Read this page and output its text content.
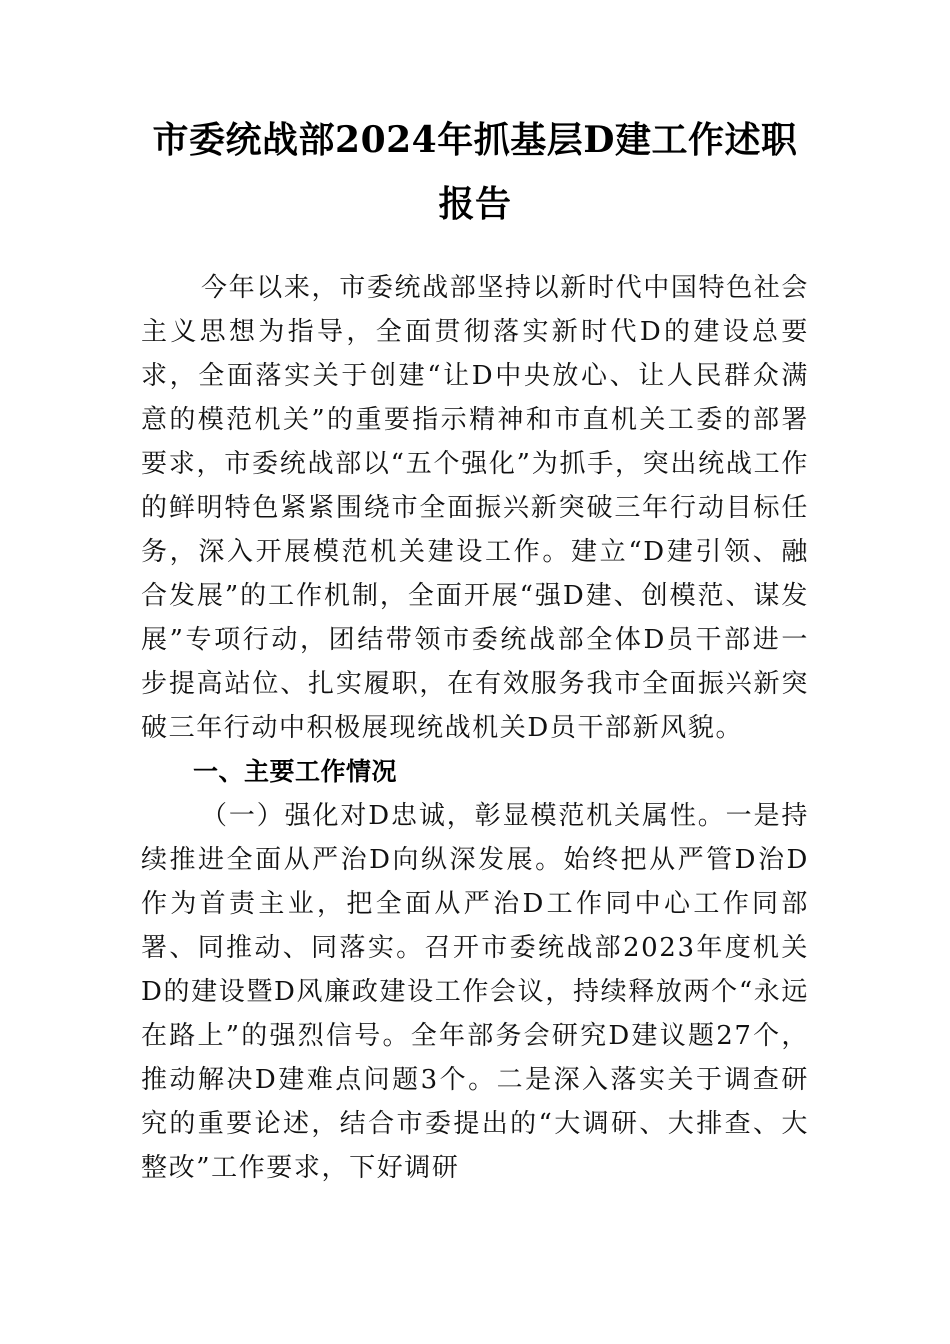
市委统战部2024年抓基层D建工作述职报告

今年以来，市委统战部坚持以新时代中国特色社会主义思想为指导，全面贯彻落实新时代D的建设总要求，全面落实关于创建“让D中央放心、让人民群众满意的模范机关”的重要指示精神和市直机关工委的部署要求，市委统战部以“五个强化”为抓手，突出统战工作的鲜明特色紧紧围绕市全面振兴新突破三年行动目标任务，深入开展模范机关建设工作。建立“D建引领、融合发展”的工作机制，全面开展“强D建、创模范、谋发展”专项行动，团结带领市委统战部全体D员干部进一步提高站位、扎实履职，在有效服务我市全面振兴新突破三年行动中积极展现统战机关D员干部新风貌。

一、主要工作情况

（一）强化对D忠诚，彰显模范机关属性。一是持续推进全面从严治D向纵深发展。始终把从严管D治D作为首责主业，把全面从严治D工作同中心工作同部署、同推动、同落实。召开市委统战部2023年度机关D的建设暨D风廉政建设工作会议，持续释放两个“永远在路上”的强烈信号。全年部务会研究D建议题27个，推动解决D建难点问题3个。二是深入落实关于调查研究的重要论述，结合市委提出的“大调研、大排查、大整改”工作要求，下好调研
